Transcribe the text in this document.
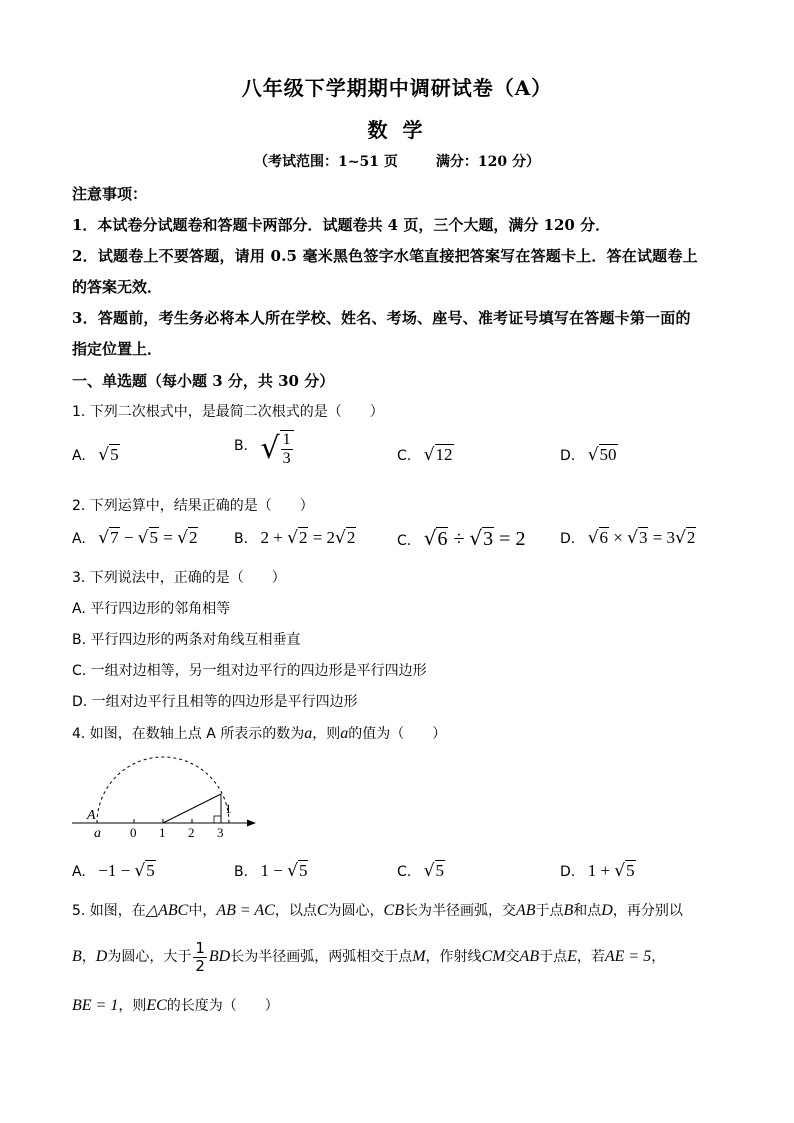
八年级下学期期中调研试卷（A）
数 学
（考试范围：1~51 页	满分：120 分）
注意事项：
1．本试卷分试题卷和答题卡两部分．试题卷共 4 页，三个大题，满分 120 分．
2．试题卷上不要答题，请用 0.5 毫米黑色签字水笔直接把答案写在答题卡上．答在试题卷上
的答案无效．
3．答题前，考生务必将本人所在学校、姓名、考场、座号、准考证号填写在答题卡第一面的
指定位置上．
一、单选题（每小题 3 分，共 30 分）
1. 下列二次根式中，是最简二次根式的是（　　）
A. √5	B. √ $\frac{1}{3}$	C. √12	D. √50
2. 下列运算中，结果正确的是（　　）
A. √7 − √5 = √2	B. 2 + √2 = 2√2	C. √6 ÷ √3 = 2 D. √6 × √3 = 3√2
3. 下列说法中，正确的是（　　）
A. 平行四边形的邻角相等
B. 平行四边形的两条对角线互相垂直
C. 一组对边相等，另一组对边平行的四边形是平行四边形
D. 一组对边平行且相等的四边形是平行四边形
4. 如图，在数轴上点 A 所表示的数为a，则a的值为（　　）
A
a 0 1 2 3
1
A. −1 − √5	B. 1 − √5	C. √5	D. 1 + √5
5. 如图，在△ABC中，AB = AC，以点C为圆心，CB长为半径画弧，交AB于点B和点D，再分别以
B，D为圆心，大于 $\frac{1}{2}$ BD长为半径画弧，两弧相交于点M，作射线CM交AB于点E，若AE = 5，
BE = 1，则EC的长度为（　　）
